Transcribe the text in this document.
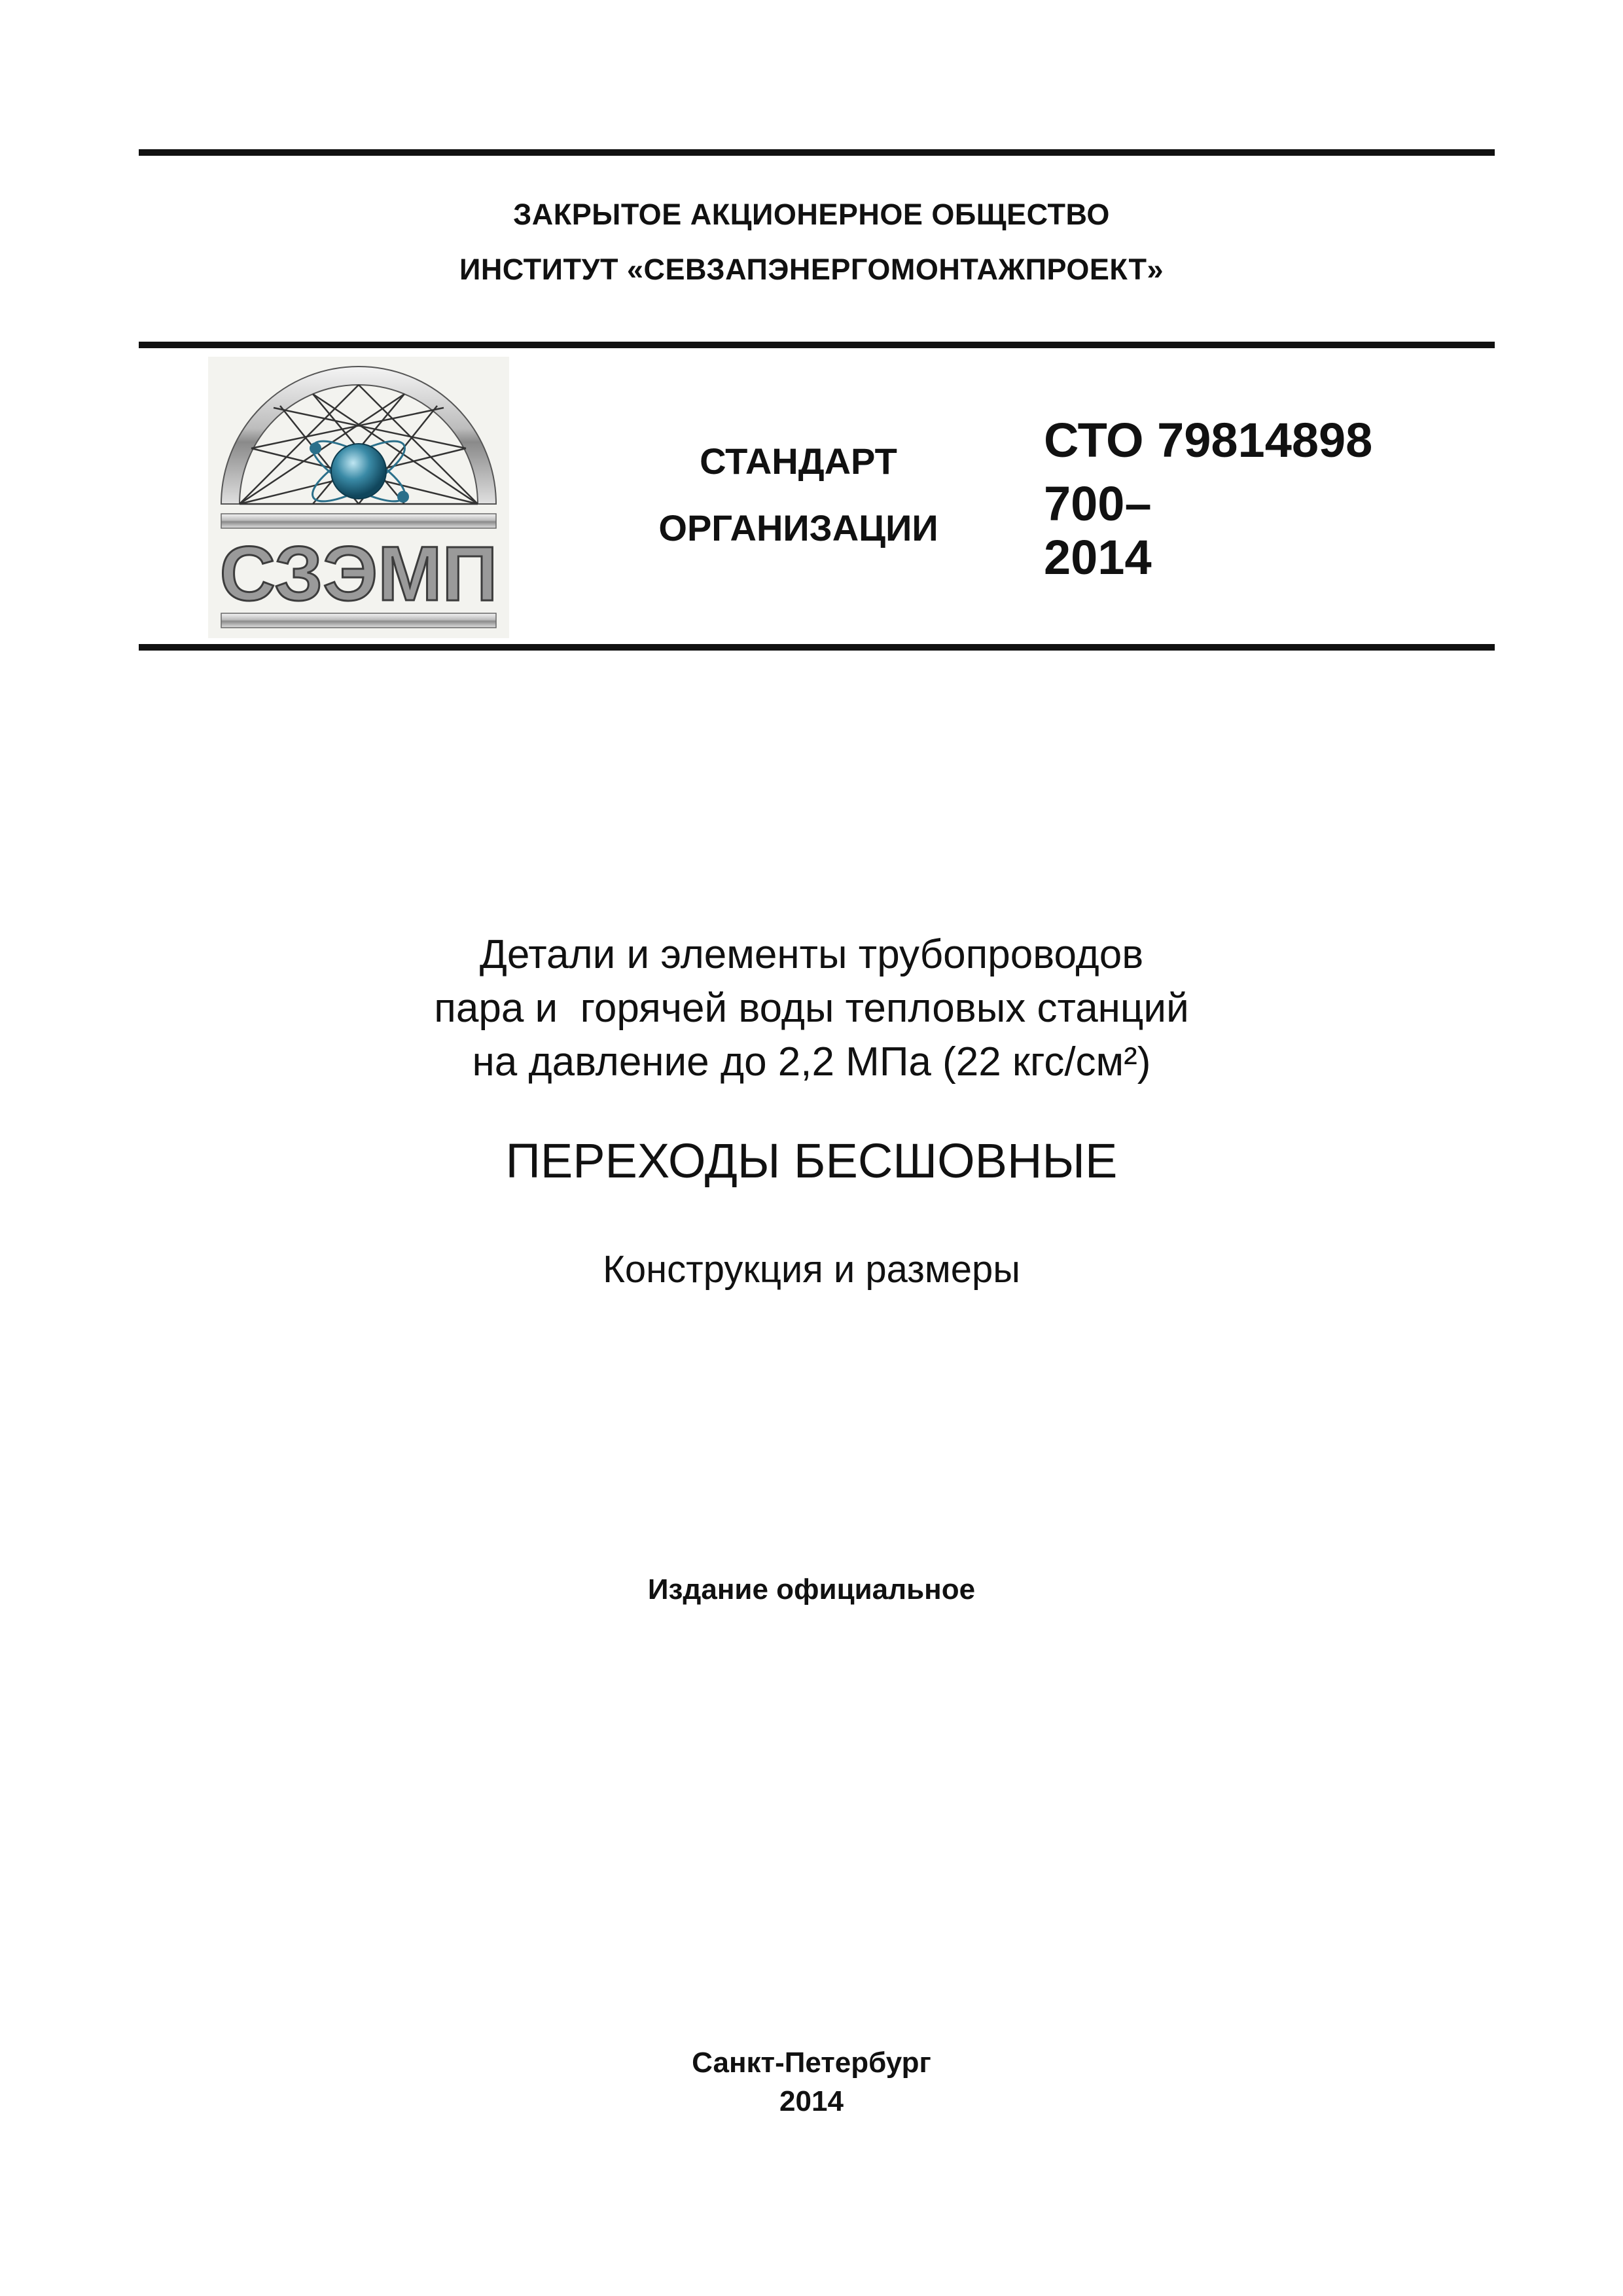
ЗАКРЫТОЕ АКЦИОНЕРНОЕ ОБЩЕСТВО
ИНСТИТУТ «СЕВЗАПЭНЕРГОМОНТАЖПРОЕКТ»
СЗЭМП
СТАНДАРТ
ОРГАНИЗАЦИИ
СТО 79814898
700–
2014
Детали и элементы трубопроводов
пара и  горячей воды тепловых станций
на давление до 2,2 МПа (22 кгс/см²)
ПЕРЕХОДЫ БЕСШОВНЫЕ
Конструкция и размеры
Издание официальное
Санкт-Петербург
2014
